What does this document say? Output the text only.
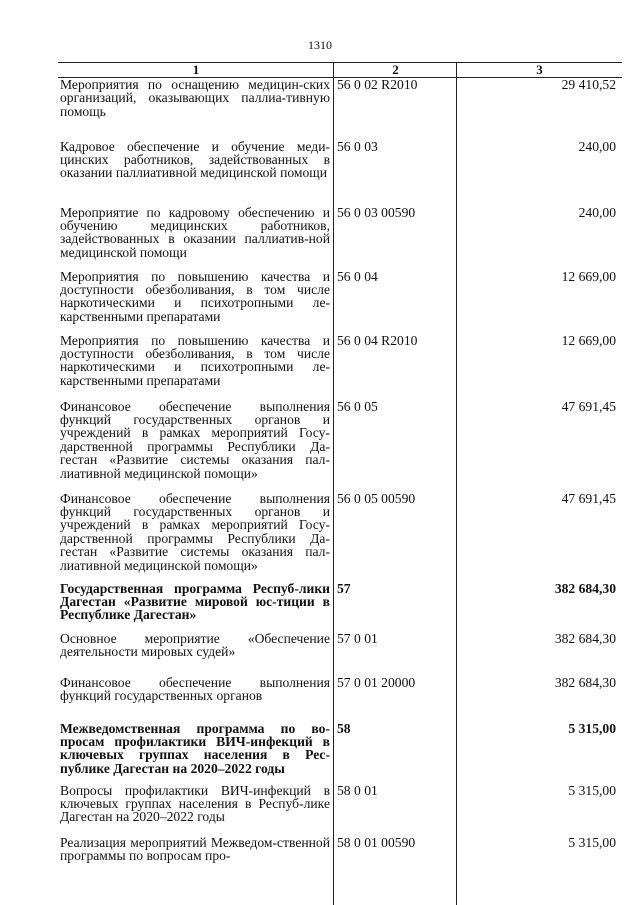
1310
1	2	3
Мероприятия по оснащению медицин-ских организаций, оказывающих паллиа-тивную помощь	56 0 02 R2010	29 410,52
Кадровое обеспечение и обучение меди-цинских работников, задействованных в оказании паллиативной медицинской помощи	56 0 03	240,00
Мероприятие по кадровому обеспечению и обучению медицинских работников, задействованных в оказании паллиатив-ной медицинской помощи	56 0 03 00590	240,00
Мероприятия по повышению качества и доступности обезболивания, в том числе наркотическими и психотропными ле-карственными препаратами	56 0 04	12 669,00
Мероприятия по повышению качества и доступности обезболивания, в том числе наркотическими и психотропными ле-карственными препаратами	56 0 04 R2010	12 669,00
Финансовое обеспечение выполнения функций государственных органов и учреждений в рамках мероприятий Госу-дарственной программы Республики Да-гестан «Развитие системы оказания пал-лиативной медицинской помощи»	56 0 05	47 691,45
Финансовое обеспечение выполнения функций государственных органов и учреждений в рамках мероприятий Госу-дарственной программы Республики Да-гестан «Развитие системы оказания пал-лиативной медицинской помощи»	56 0 05 00590	47 691,45
Государственная программа Респуб-лики Дагестан «Развитие мировой юс-тиции в Республике Дагестан»	57	382 684,30
Основное мероприятие «Обеспечение деятельности мировых судей»	57 0 01	382 684,30
Финансовое обеспечение выполнения функций государственных органов	57 0 01 20000	382 684,30
Межведомственная программа по во-просам профилактики ВИЧ-инфекций в ключевых группах населения в Рес-публике Дагестан на 2020–2022 годы	58	5 315,00
Вопросы профилактики ВИЧ-инфекций в ключевых группах населения в Респуб-лике Дагестан на 2020–2022 годы	58 0 01	5 315,00
Реализация мероприятий Межведом-ственной программы по вопросам про-	58 0 01 00590	5 315,00
